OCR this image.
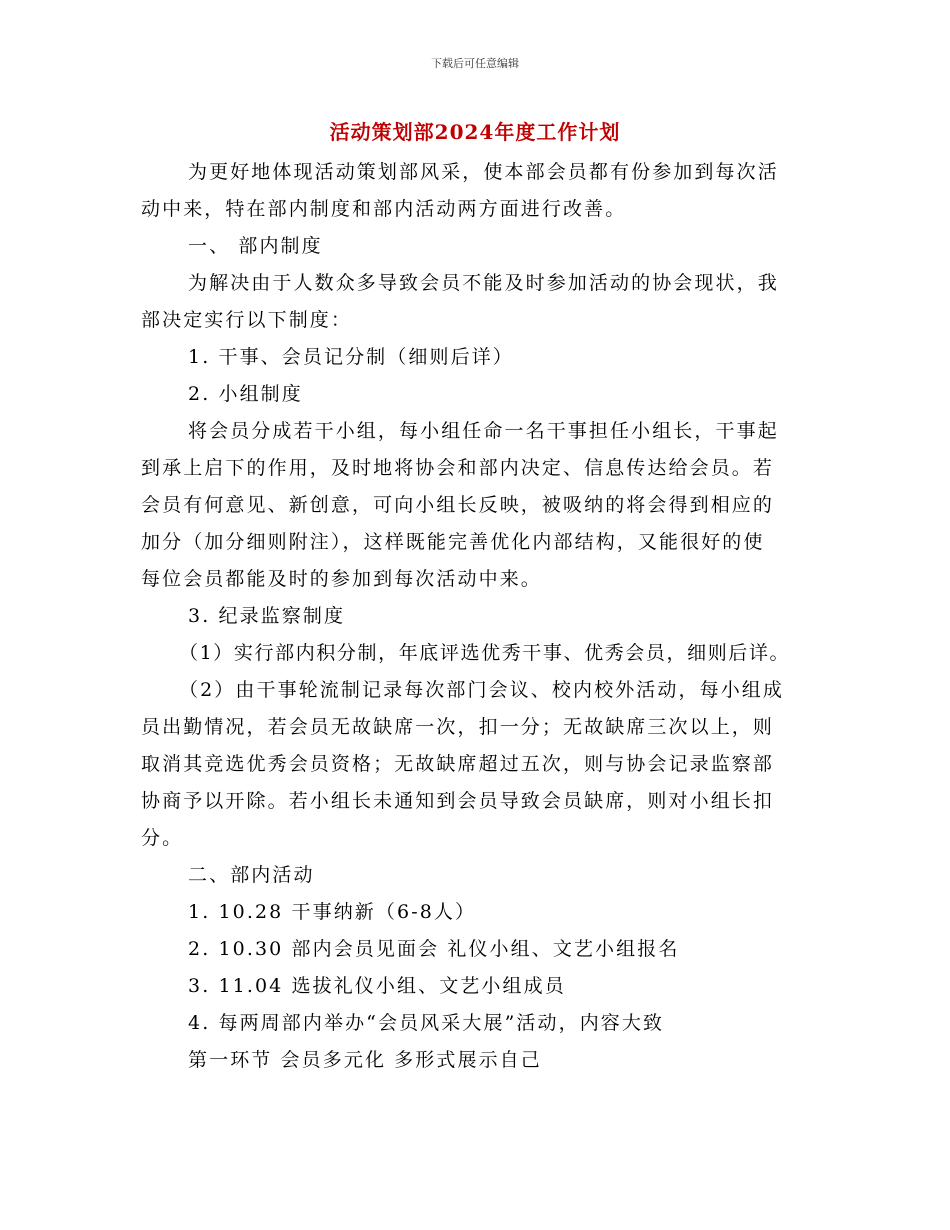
下载后可任意编辑
活动策划部2024年度工作计划

为更好地体现活动策划部风采，使本部会员都有份参加到每次活
动中来，特在部内制度和部内活动两方面进行改善。

一、 部内制度

为解决由于人数众多导致会员不能及时参加活动的协会现状，我
部决定实行以下制度：

1. 干事、会员记分制（细则后详）

2. 小组制度

将会员分成若干小组，每小组任命一名干事担任小组长，干事起
到承上启下的作用，及时地将协会和部内决定、信息传达给会员。若
会员有何意见、新创意，可向小组长反映，被吸纳的将会得到相应的
加分（加分细则附注），这样既能完善优化内部结构，又能很好的使
每位会员都能及时的参加到每次活动中来。

3. 纪录监察制度

（1）实行部内积分制，年底评选优秀干事、优秀会员，细则后详。

（2）由干事轮流制记录每次部门会议、校内校外活动，每小组成
员出勤情况，若会员无故缺席一次，扣一分；无故缺席三次以上，则
取消其竞选优秀会员资格；无故缺席超过五次，则与协会记录监察部
协商予以开除。若小组长未通知到会员导致会员缺席，则对小组长扣
分。

二、部内活动

1. 10.28 干事纳新（6-8人）

2. 10.30 部内会员见面会 礼仪小组、文艺小组报名

3. 11.04 选拔礼仪小组、文艺小组成员

4. 每两周部内举办“会员风采大展”活动，内容大致

第一环节 会员多元化 多形式展示自己
